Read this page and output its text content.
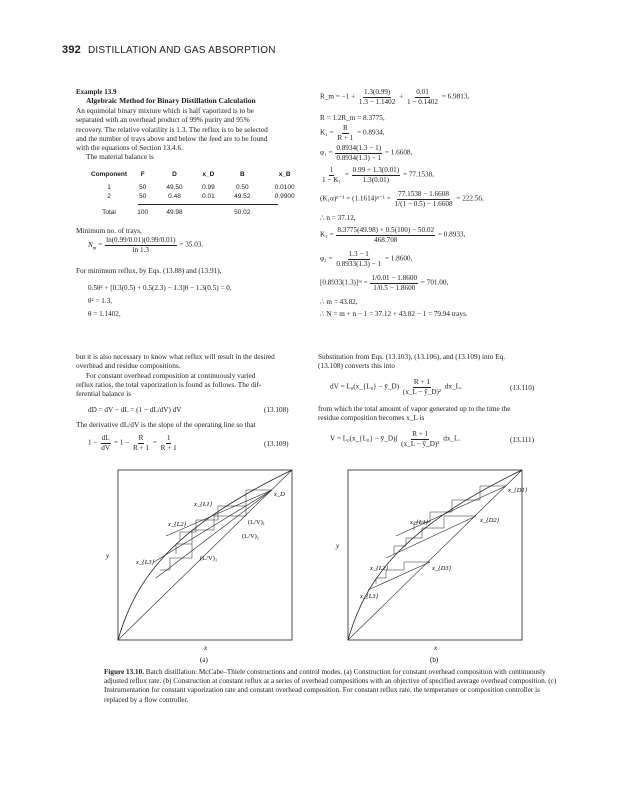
392 DISTILLATION AND GAS ABSORPTION
Example 13.9
Algebraic Method for Binary Distillation Calculation
An equimolal binary mixture which is half vaporized is to be
separated with an overhead product of 99% purity and 95%
recovery. The relative volatility is 1.3. The reflux is to be selected
and the number of trays above and below the feed are to be found
with the equations of Section 13.4.6.
The material balance is
Component	F	D	x_D	B	x_B

1	50	49.50	0.99	0.50	0.0100
2	50	0.48	0.01	49.52	0.9900

Total	100	49.98		50.02	
Minimum no. of trays,
$N_m = \frac{\ln(0.99/0.01)(0.99/0.01)}{\ln 1.3} = 35.03$.
For minimum reflux, by Eqs. (13.88) and (13.91),
0.5θ² + [0.3(0.5) + 0.5(2.3) − 1.3]θ − 1.3(0.5) = 0,
θ² = 1.3,
θ = 1.1402,
R_m = $-1 + \frac{1.3(0.99)}{1.3 - 1.1402} + \frac{0.01}{1 - 0.1402} = 6.9813$,
R = 1.2R_m = 8.3775,
$K_1 = \frac{R}{R + 1} = 0.8934$,
$\varphi_1 = \frac{0.8934(1.3 - 1)}{0.8934(1.3) - 1} = 1.6608$,
$\frac{1}{\text{1 − K₁}} = \frac{0.99 + 1.3(0.01)}{1.3(0.01)} = 77.1538$,
$(K_1\alpha)^{n-1} = (1.1614)^{n-1} = \frac{77.1538 - 1.6608}{1/(1 - 0.5) - 1.6608} = 222.56$,
∴ n = 37.12,
$K_2 = \frac{8.3775(49.98) + 0.5(100) - 50.02}{468.708} = 0.8933$,
$\varphi_2 = \frac{1.3 - 1}{0.8933(1.3) - 1} = 1.8600$,
[0.8933(1.3)]ᵐ = $\frac{1/0.01 - 1.8600}{1/0.5 - 1.8600} = 701.00$,
∴ m = 43.82,
∴ N = m + n − 1 = 37.12 + 43.82 − 1 = 79.94 trays.
but it is also necessary to know what reflux will result in the desired
overhead and residue compositions.
For constant overhead composition at continuously varied
reflux ratios, the total vaporization is found as follows. The dif-
ferential balance is
dD = dV − dL = (1 − dL/dV) dV	(13.108)
The derivative dL/dV is the slope of the operating line so that
$1 - \frac{dL}{dV} = 1 - \frac{R}{R + 1} = \frac{1}{R + 1}$	(13.109)
Substitution from Eqs. (13.103), (13.106), and (13.109) into Eq.
(13.108) converts this into
dV = L₀(x_{L₀} − ȳ_D) $\frac{R + 1}{\text{(x\_L − ȳ\_D)²}}$ dx_L,	(13.110)
from which the total amount of vapor generated up to the time the
residue composition becomes x_L is
V = L₀(x_{L₀} − ȳ_D)∫ $\frac{R + 1}{\text{(x\_L − ȳ\_D)²}}$ dx_L.	(13.111)
x_D
x_{L1}
x_{L2}
x_{L3}
(L/V)₁
(L/V)₂
(L/V)₃
y
x
(a)
x_{D1}
x_{D2}
x_{L1}
x_{L2}
x_{L3}
x_{D3}
y
x
(b)
Figure 13.10. Batch distillation: McCabe–Thiele constructions and control modes. (a) Construction for constant overhead composition with continuously adjusted reflux rate. (b) Construction at constant reflux at a series of overhead compositions with an objective of specified average overhead composition. (c) Instrumentation for constant vaporization rate and constant overhead composition. For constant reflux rate, the temperature or composition controller is replaced by a flow controller.
